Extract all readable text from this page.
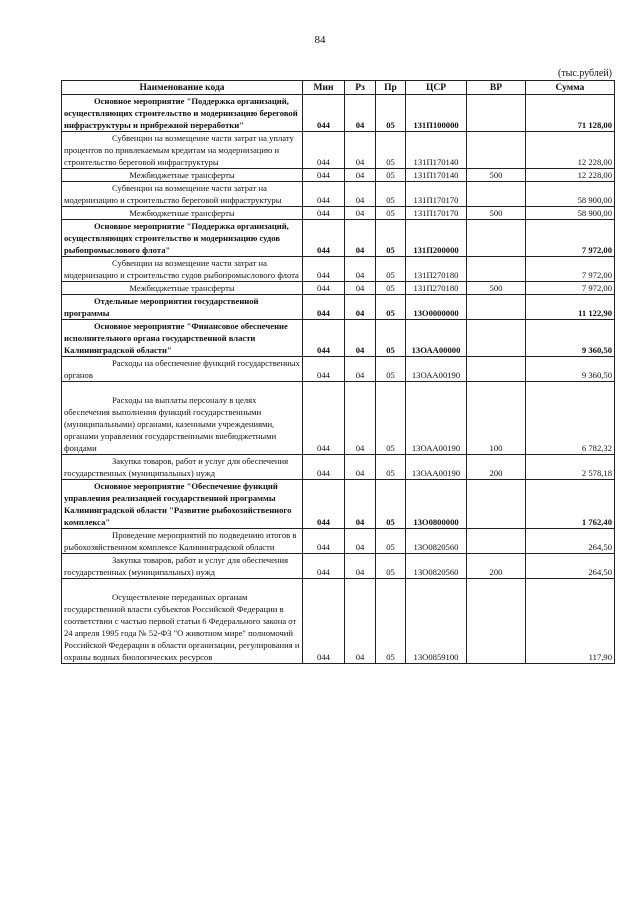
84
(тыс.рублей)
Наименование кода	Мин	Рз	Пр	ЦСР	ВР	Сумма
Основное мероприятие "Поддержка организаций, осуществляющих строительство и модернизацию береговой инфраструктуры и прибрежной переработки"	044	04	05	131П100000		71 128,00
Субвенции на возмещение части затрат на уплату процентов по привлекаемым кредитам на модернизацию и строительство береговой инфраструктуры	044	04	05	131П170140		12 228,00
Межбюджетные трансферты	044	04	05	131П170140	500	12 228,00
Субвенции на возмещение части затрат на модернизацию и строительство береговой инфраструктуры	044	04	05	131П170170		58 900,00
Межбюджетные трансферты	044	04	05	131П170170	500	58 900,00
Основное мероприятие "Поддержка организаций, осуществляющих строительство и модернизацию судов рыбопромыслового флота"	044	04	05	131П200000		7 972,00
Субвенции на возмещение части затрат на модернизацию и строительство судов рыбопромыслового флота	044	04	05	131П270180		7 972,00
Межбюджетные трансферты	044	04	05	131П270180	500	7 972,00
Отдельные мероприятия государственной программы	044	04	05	13О0000000		11 122,90
Основное мероприятие "Финансовое обеспечение исполнительного органа государственной власти Калининградской области"	044	04	05	13ОАА00000		9 360,50
Расходы на обеспечение функций государственных органов	044	04	05	13ОАА00190		9 360,50

Расходы на выплаты персоналу в целях обеспечения выполнения функций государственными (муниципальными) органами, казенными учреждениями, органами управления государственными внебюджетными фондами	044	04	05	13ОАА00190	100	6 782,32
Закупка товаров, работ и услуг для обеспечения государственных (муниципальных) нужд	044	04	05	13ОАА00190	200	2 578,18
Основное мероприятие "Обеспечение функций управления реализацией государственной программы Калининградской области "Развитие рыбохозяйственного комплекса"	044	04	05	13О0800000		1 762,40
Проведение мероприятий по подведению итогов в рыбохозяйственном комплексе Калининградской области	044	04	05	13О0820560		264,50
Закупка товаров, работ и услуг для обеспечения государственных (муниципальных) нужд	044	04	05	13О0820560	200	264,50

Осуществление переданных органам государственной власти субъектов Российской Федерации в соответствии с частью первой статьи 6 Федерального закона от 24 апреля 1995 года № 52-ФЗ "О животном мире" полномочий Российской Федерации в области организации, регулирования и охраны водных биологических ресурсов	044	04	05	13О0859100		117,90
